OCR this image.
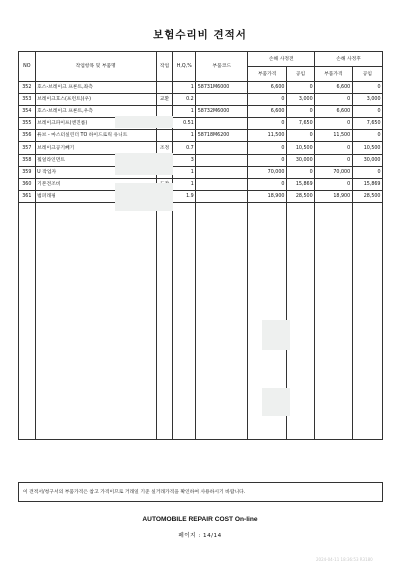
보험수리비 견적서
NO	작업항목 및 부품명	작업	H,Q,%	부품코드	손해 사정전		손해 사정후	
					부품가격	공임	부품가격	공임
352	호스-브레이크 프론트,좌측		1	58731M6000	6,600	0	6,600	0
353	브레이크호스(프런트)(우)	교환	0.2		0	3,000	0	3,000
354	호스-브레이크 프론트,우측		1	58732M6000	6,600	0	6,600	0
355	브레이크파이프(앤진룸)		0.51		0	7,650	0	7,650
356	튜브 - 마스터실린더 TO 하이드로릭 유니트		1	58718M6200	11,500	0	11,500	0
357	브레이크공기빼기	조정	0.7		0	10,500	0	10,500
358	휠얼라인먼트		3		0	30,000	0	30,000
359	U 작업자		1		70,000	0	70,000	0
360	기본견조비		1		0	15,869	0	15,869
361	범퍼래핑		1.9		18,900	28,500	18,900	28,500

이 견적서/청구서의 부품가격은 참고 가격이므로 거래일 기준 실거래가격을 확인하여 사용하시기 바랍니다.
AUTOMOBILE REPAIR COST On-line
페이지 : 14/14
2024-04-11 18:36:53 R3180
